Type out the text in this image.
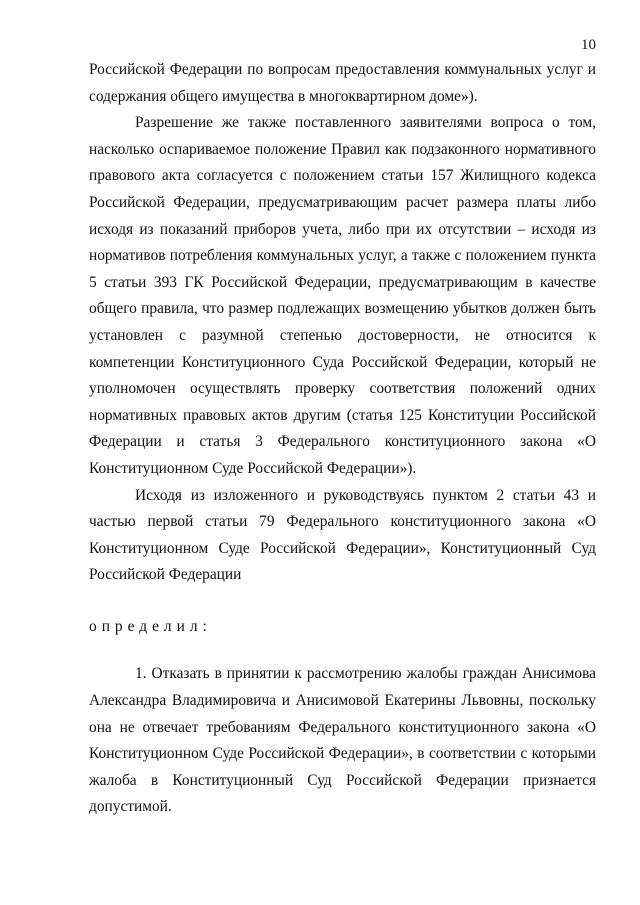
10

Российской Федерации по вопросам предоставления коммунальных услуг и содержания общего имущества в многоквартирном доме»).

Разрешение же также поставленного заявителями вопроса о том, насколько оспариваемое положение Правил как подзаконного нормативного правового акта согласуется с положением статьи 157 Жилищного кодекса Российской Федерации, предусматривающим расчет размера платы либо исходя из показаний приборов учета, либо при их отсутствии – исходя из нормативов потребления коммунальных услуг, а также с положением пункта 5 статьи 393 ГК Российской Федерации, предусматривающим в качестве общего правила, что размер подлежащих возмещению убытков должен быть установлен с разумной степенью достоверности, не относится к компетенции Конституционного Суда Российской Федерации, который не уполномочен осуществлять проверку соответствия положений одних нормативных правовых актов другим (статья 125 Конституции Российской Федерации и статья 3 Федерального конституционного закона «О Конституционном Суде Российской Федерации»).

Исходя из изложенного и руководствуясь пунктом 2 статьи 43 и частью первой статьи 79 Федерального конституционного закона «О Конституционном Суде Российской Федерации», Конституционный Суд Российской Федерации

определил:

1. Отказать в принятии к рассмотрению жалобы граждан Анисимова Александра Владимировича и Анисимовой Екатерины Львовны, поскольку она не отвечает требованиям Федерального конституционного закона «О Конституционном Суде Российской Федерации», в соответствии с которыми жалоба в Конституционный Суд Российской Федерации признается допустимой.
